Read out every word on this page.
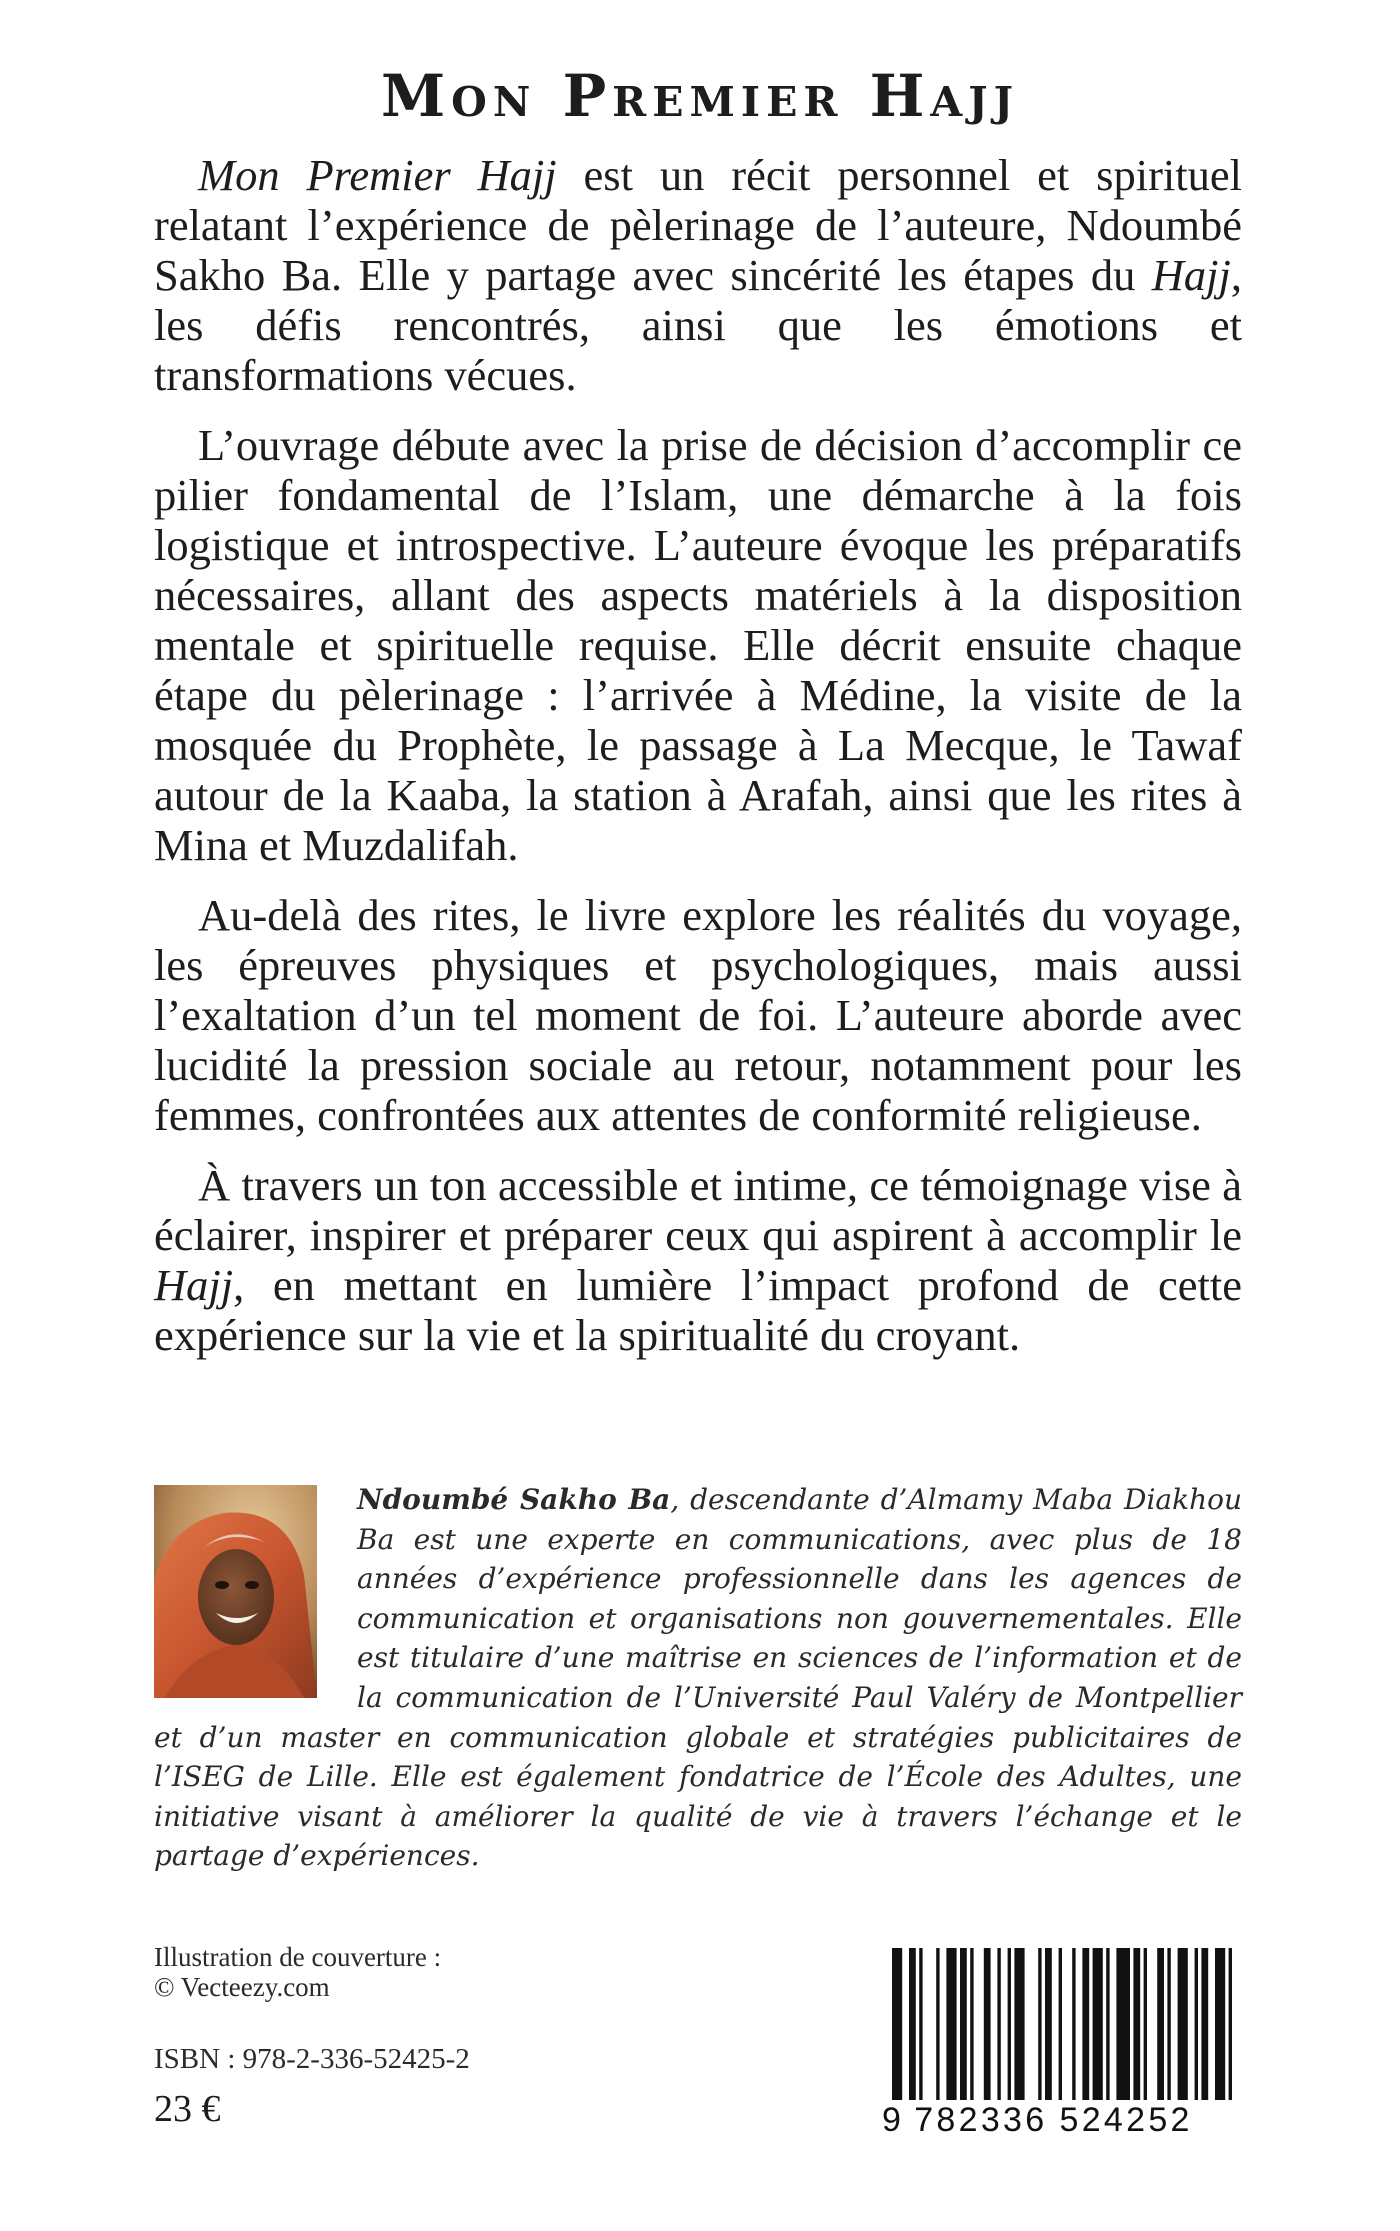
Mon Premier Hajj

Mon Premier Hajj est un récit personnel et spirituel relatant l’expérience de pèlerinage de l’auteure, Ndoumbé Sakho Ba. Elle y partage avec sincérité les étapes du Hajj, les défis rencontrés, ainsi que les émotions et transformations vécues.

L’ouvrage débute avec la prise de décision d’accomplir ce pilier fondamental de l’Islam, une démarche à la fois logistique et introspective. L’auteure évoque les préparatifs nécessaires, allant des aspects matériels à la disposition mentale et spirituelle requise. Elle décrit ensuite chaque étape du pèlerinage : l’arrivée à Médine, la visite de la mosquée du Prophète, le passage à La Mecque, le Tawaf autour de la Kaaba, la station à Arafah, ainsi que les rites à Mina et Muzdalifah.

Au-delà des rites, le livre explore les réalités du voyage, les épreuves physiques et psychologiques, mais aussi l’exaltation d’un tel moment de foi. L’auteure aborde avec lucidité la pression sociale au retour, notamment pour les femmes, confrontées aux attentes de conformité religieuse.

À travers un ton accessible et intime, ce témoignage vise à éclairer, inspirer et préparer ceux qui aspirent à accomplir le Hajj, en mettant en lumière l’impact profond de cette expérience sur la vie et la spiritualité du croyant.

Ndoumbé Sakho Ba, descendante d’Almamy Maba Diakhou Ba est une experte en communications, avec plus de 18 années d’expérience professionnelle dans les agences de communication et organisations non gouvernementales. Elle est titulaire d’une maîtrise en sciences de l’information et de la communication de l’Université Paul Valéry de Montpellier et d’un master en communication globale et stratégies publicitaires de l’ISEG de Lille. Elle est également fondatrice de l’École des Adultes, une initiative visant à améliorer la qualité de vie à travers l’échange et le partage d’expériences.

Illustration de couverture :
© Vecteezy.com
ISBN : 978-2-336-52425-2
23 €	9 782336 524252
